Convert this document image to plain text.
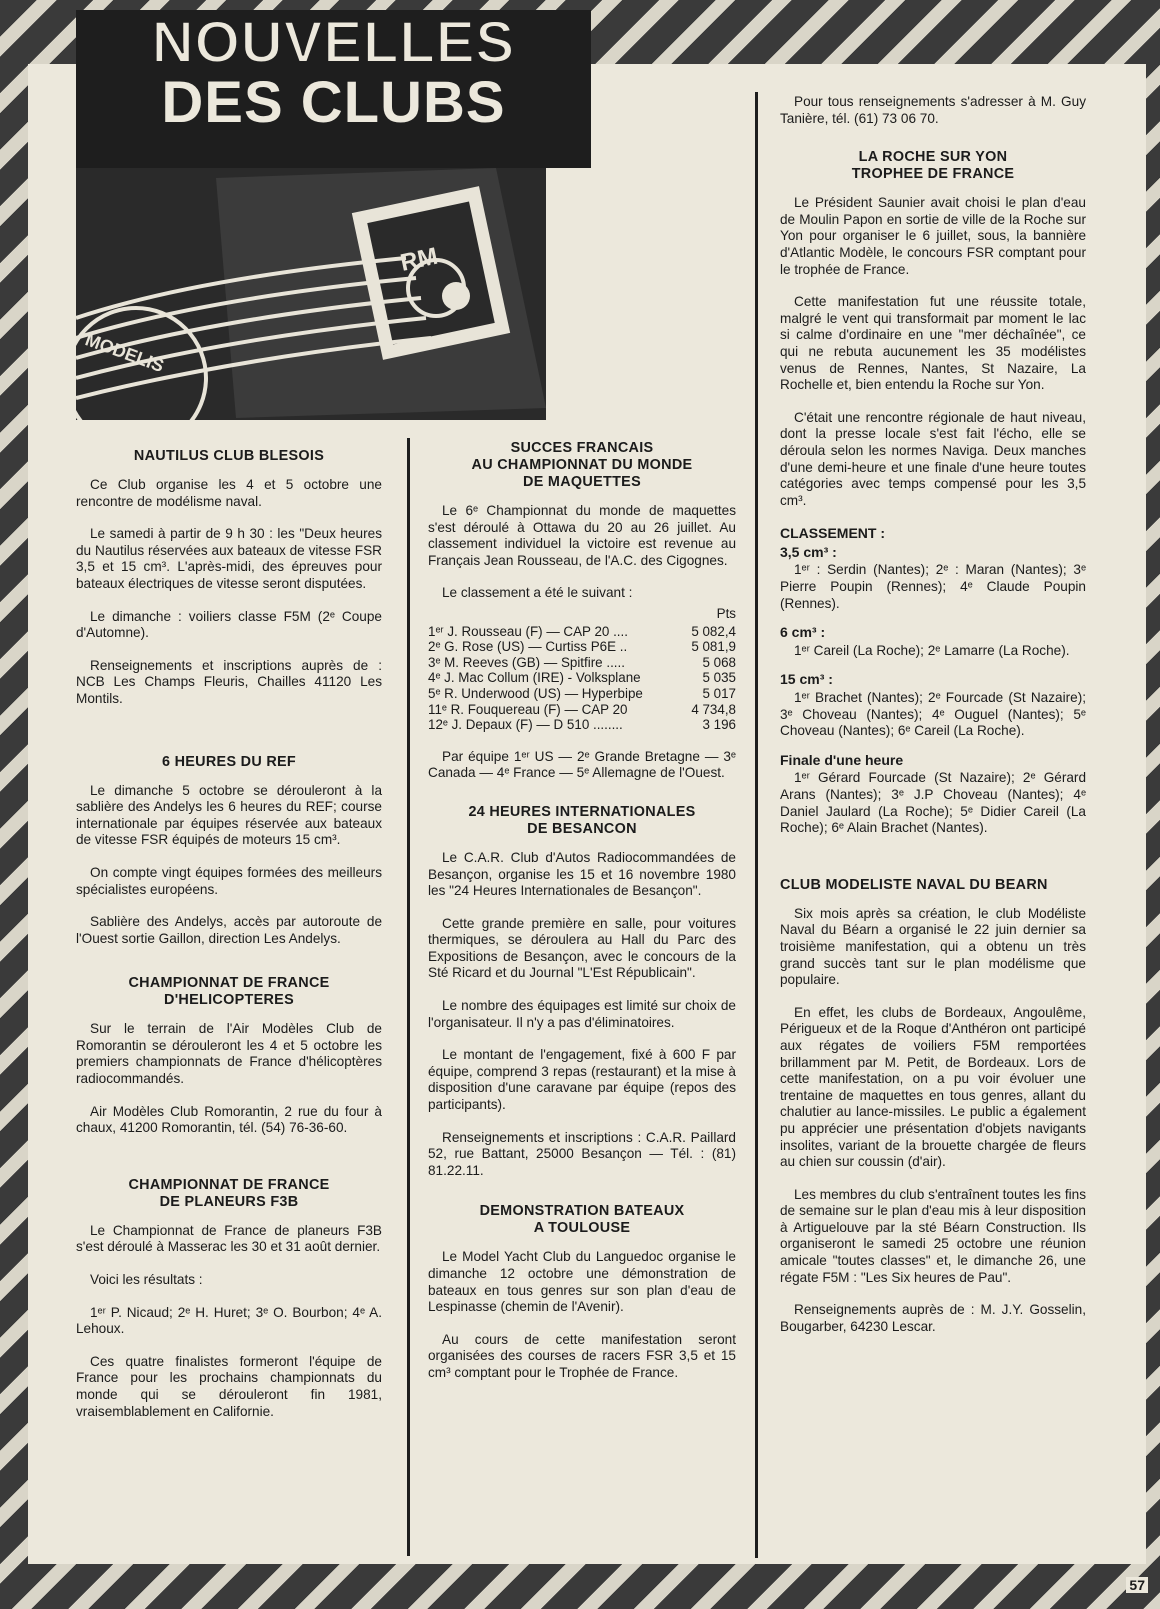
NOUVELLES
DES CLUBS
MODELIS
RM
NAUTILUS CLUB BLESOIS

Ce Club organise les 4 et 5 octobre une rencontre de modélisme naval.

Le samedi à partir de 9 h 30 : les "Deux heures du Nautilus réservées aux bateaux de vitesse FSR 3,5 et 15 cm³. L'après-midi, des épreuves pour bateaux électriques de vitesse seront disputées.

Le dimanche : voiliers classe F5M (2ᵉ Coupe d'Automne).

Renseignements et inscriptions auprès de : NCB Les Champs Fleuris, Chailles 41120 Les Montils.

6 HEURES DU REF

Le dimanche 5 octobre se dérouleront à la sablière des Andelys les 6 heures du REF; course internationale par équipes réservée aux bateaux de vitesse FSR équipés de moteurs 15 cm³.

On compte vingt équipes formées des meilleurs spécialistes européens.

Sablière des Andelys, accès par autoroute de l'Ouest sortie Gaillon, direction Les Andelys.

CHAMPIONNAT DE FRANCE
D'HELICOPTERES

Sur le terrain de l'Air Modèles Club de Romorantin se dérouleront les 4 et 5 octobre les premiers championnats de France d'hélicoptères radiocommandés.

Air Modèles Club Romorantin, 2 rue du four à chaux, 41200 Romorantin, tél. (54) 76-36-60.

CHAMPIONNAT DE FRANCE
DE PLANEURS F3B

Le Championnat de France de planeurs F3B s'est déroulé à Masserac les 30 et 31 août dernier.

Voici les résultats :

1ᵉʳ P. Nicaud; 2ᵉ H. Huret; 3ᵉ O. Bourbon; 4ᵉ A. Lehoux.

Ces quatre finalistes formeront l'équipe de France pour les prochains championnats du monde qui se dérouleront fin 1981, vraisemblablement en Californie.

SUCCES FRANCAIS
AU CHAMPIONNAT DU MONDE
DE MAQUETTES

Le 6ᵉ Championnat du monde de maquettes s'est déroulé à Ottawa du 20 au 26 juillet. Au classement individuel la victoire est revenue au Français Jean Rousseau, de l'A.C. des Cigognes.

Le classement a été le suivant :

Pts
1ᵉʳ J. Rousseau (F) — CAP 20 ....	5 082,4
2ᵉ G. Rose (US) — Curtiss P6E ..	5 081,9
3ᵉ M. Reeves (GB) — Spitfire .....	5 068
4ᵉ J. Mac Collum (IRE) - Volksplane	5 035
5ᵉ R. Underwood (US) — Hyperbipe	5 017
11ᵉ R. Fouquereau (F) — CAP 20	4 734,8
12ᵉ J. Depaux (F) — D 510 ........	3 196

Par équipe 1ᵉʳ US — 2ᵉ Grande Bretagne — 3ᵉ Canada — 4ᵉ France — 5ᵉ Allemagne de l'Ouest.

24 HEURES INTERNATIONALES
DE BESANCON

Le C.A.R. Club d'Autos Radiocommandées de Besançon, organise les 15 et 16 novembre 1980 les "24 Heures Internationales de Besançon".

Cette grande première en salle, pour voitures thermiques, se déroulera au Hall du Parc des Expositions de Besançon, avec le concours de la Sté Ricard et du Journal "L'Est Républicain".

Le nombre des équipages est limité sur choix de l'organisateur. Il n'y a pas d'éliminatoires.

Le montant de l'engagement, fixé à 600 F par équipe, comprend 3 repas (restaurant) et la mise à disposition d'une caravane par équipe (repos des participants).

Renseignements et inscriptions : C.A.R. Paillard 52, rue Battant, 25000 Besançon — Tél. : (81) 81.22.11.

DEMONSTRATION BATEAUX
A TOULOUSE

Le Model Yacht Club du Languedoc organise le dimanche 12 octobre une démonstration de bateaux en tous genres sur son plan d'eau de Lespinasse (chemin de l'Avenir).

Au cours de cette manifestation seront organisées des courses de racers FSR 3,5 et 15 cm³ comptant pour le Trophée de France.

Pour tous renseignements s'adresser à M. Guy Tanière, tél. (61) 73 06 70.

LA ROCHE SUR YON
TROPHEE DE FRANCE

Le Président Saunier avait choisi le plan d'eau de Moulin Papon en sortie de ville de la Roche sur Yon pour organiser le 6 juillet, sous, la bannière d'Atlantic Modèle, le concours FSR comptant pour le trophée de France.

Cette manifestation fut une réussite totale, malgré le vent qui transformait par moment le lac si calme d'ordinaire en une "mer déchaînée", ce qui ne rebuta aucunement les 35 modélistes venus de Rennes, Nantes, St Nazaire, La Rochelle et, bien entendu la Roche sur Yon.

C'était une rencontre régionale de haut niveau, dont la presse locale s'est fait l'écho, elle se déroula selon les normes Naviga. Deux manches d'une demi-heure et une finale d'une heure toutes catégories avec temps compensé pour les 3,5 cm³.

CLASSEMENT :
3,5 cm³ :

1ᵉʳ : Serdin (Nantes); 2ᵉ : Maran (Nantes); 3ᵉ Pierre Poupin (Rennes); 4ᵉ Claude Poupin (Rennes).

6 cm³ :

1ᵉʳ Careil (La Roche); 2ᵉ Lamarre (La Roche).

15 cm³ :

1ᵉʳ Brachet (Nantes); 2ᵉ Fourcade (St Nazaire); 3ᵉ Choveau (Nantes); 4ᵉ Ouguel (Nantes); 5ᵉ Choveau (Nantes); 6ᵉ Careil (La Roche).

Finale d'une heure

1ᵉʳ Gérard Fourcade (St Nazaire); 2ᵉ Gérard Arans (Nantes); 3ᵉ J.P Choveau (Nantes); 4ᵉ Daniel Jaulard (La Roche); 5ᵉ Didier Careil (La Roche); 6ᵉ Alain Brachet (Nantes).

CLUB MODELISTE NAVAL DU BEARN

Six mois après sa création, le club Modéliste Naval du Béarn a organisé le 22 juin dernier sa troisième manifestation, qui a obtenu un très grand succès tant sur le plan modélisme que populaire.

En effet, les clubs de Bordeaux, Angoulême, Périgueux et de la Roque d'Anthéron ont participé aux régates de voiliers F5M remportées brillamment par M. Petit, de Bordeaux. Lors de cette manifestation, on a pu voir évoluer une trentaine de maquettes en tous genres, allant du chalutier au lance-missiles. Le public a également pu apprécier une présentation d'objets navigants insolites, variant de la brouette chargée de fleurs au chien sur coussin (d'air).

Les membres du club s'entraînent toutes les fins de semaine sur le plan d'eau mis à leur disposition à Artiguelouve par la sté Béarn Construction. Ils organiseront le samedi 25 octobre une réunion amicale "toutes classes" et, le dimanche 26, une régate F5M : "Les Six heures de Pau".

Renseignements auprès de : M. J.Y. Gosselin, Bougarber, 64230 Lescar.

57
